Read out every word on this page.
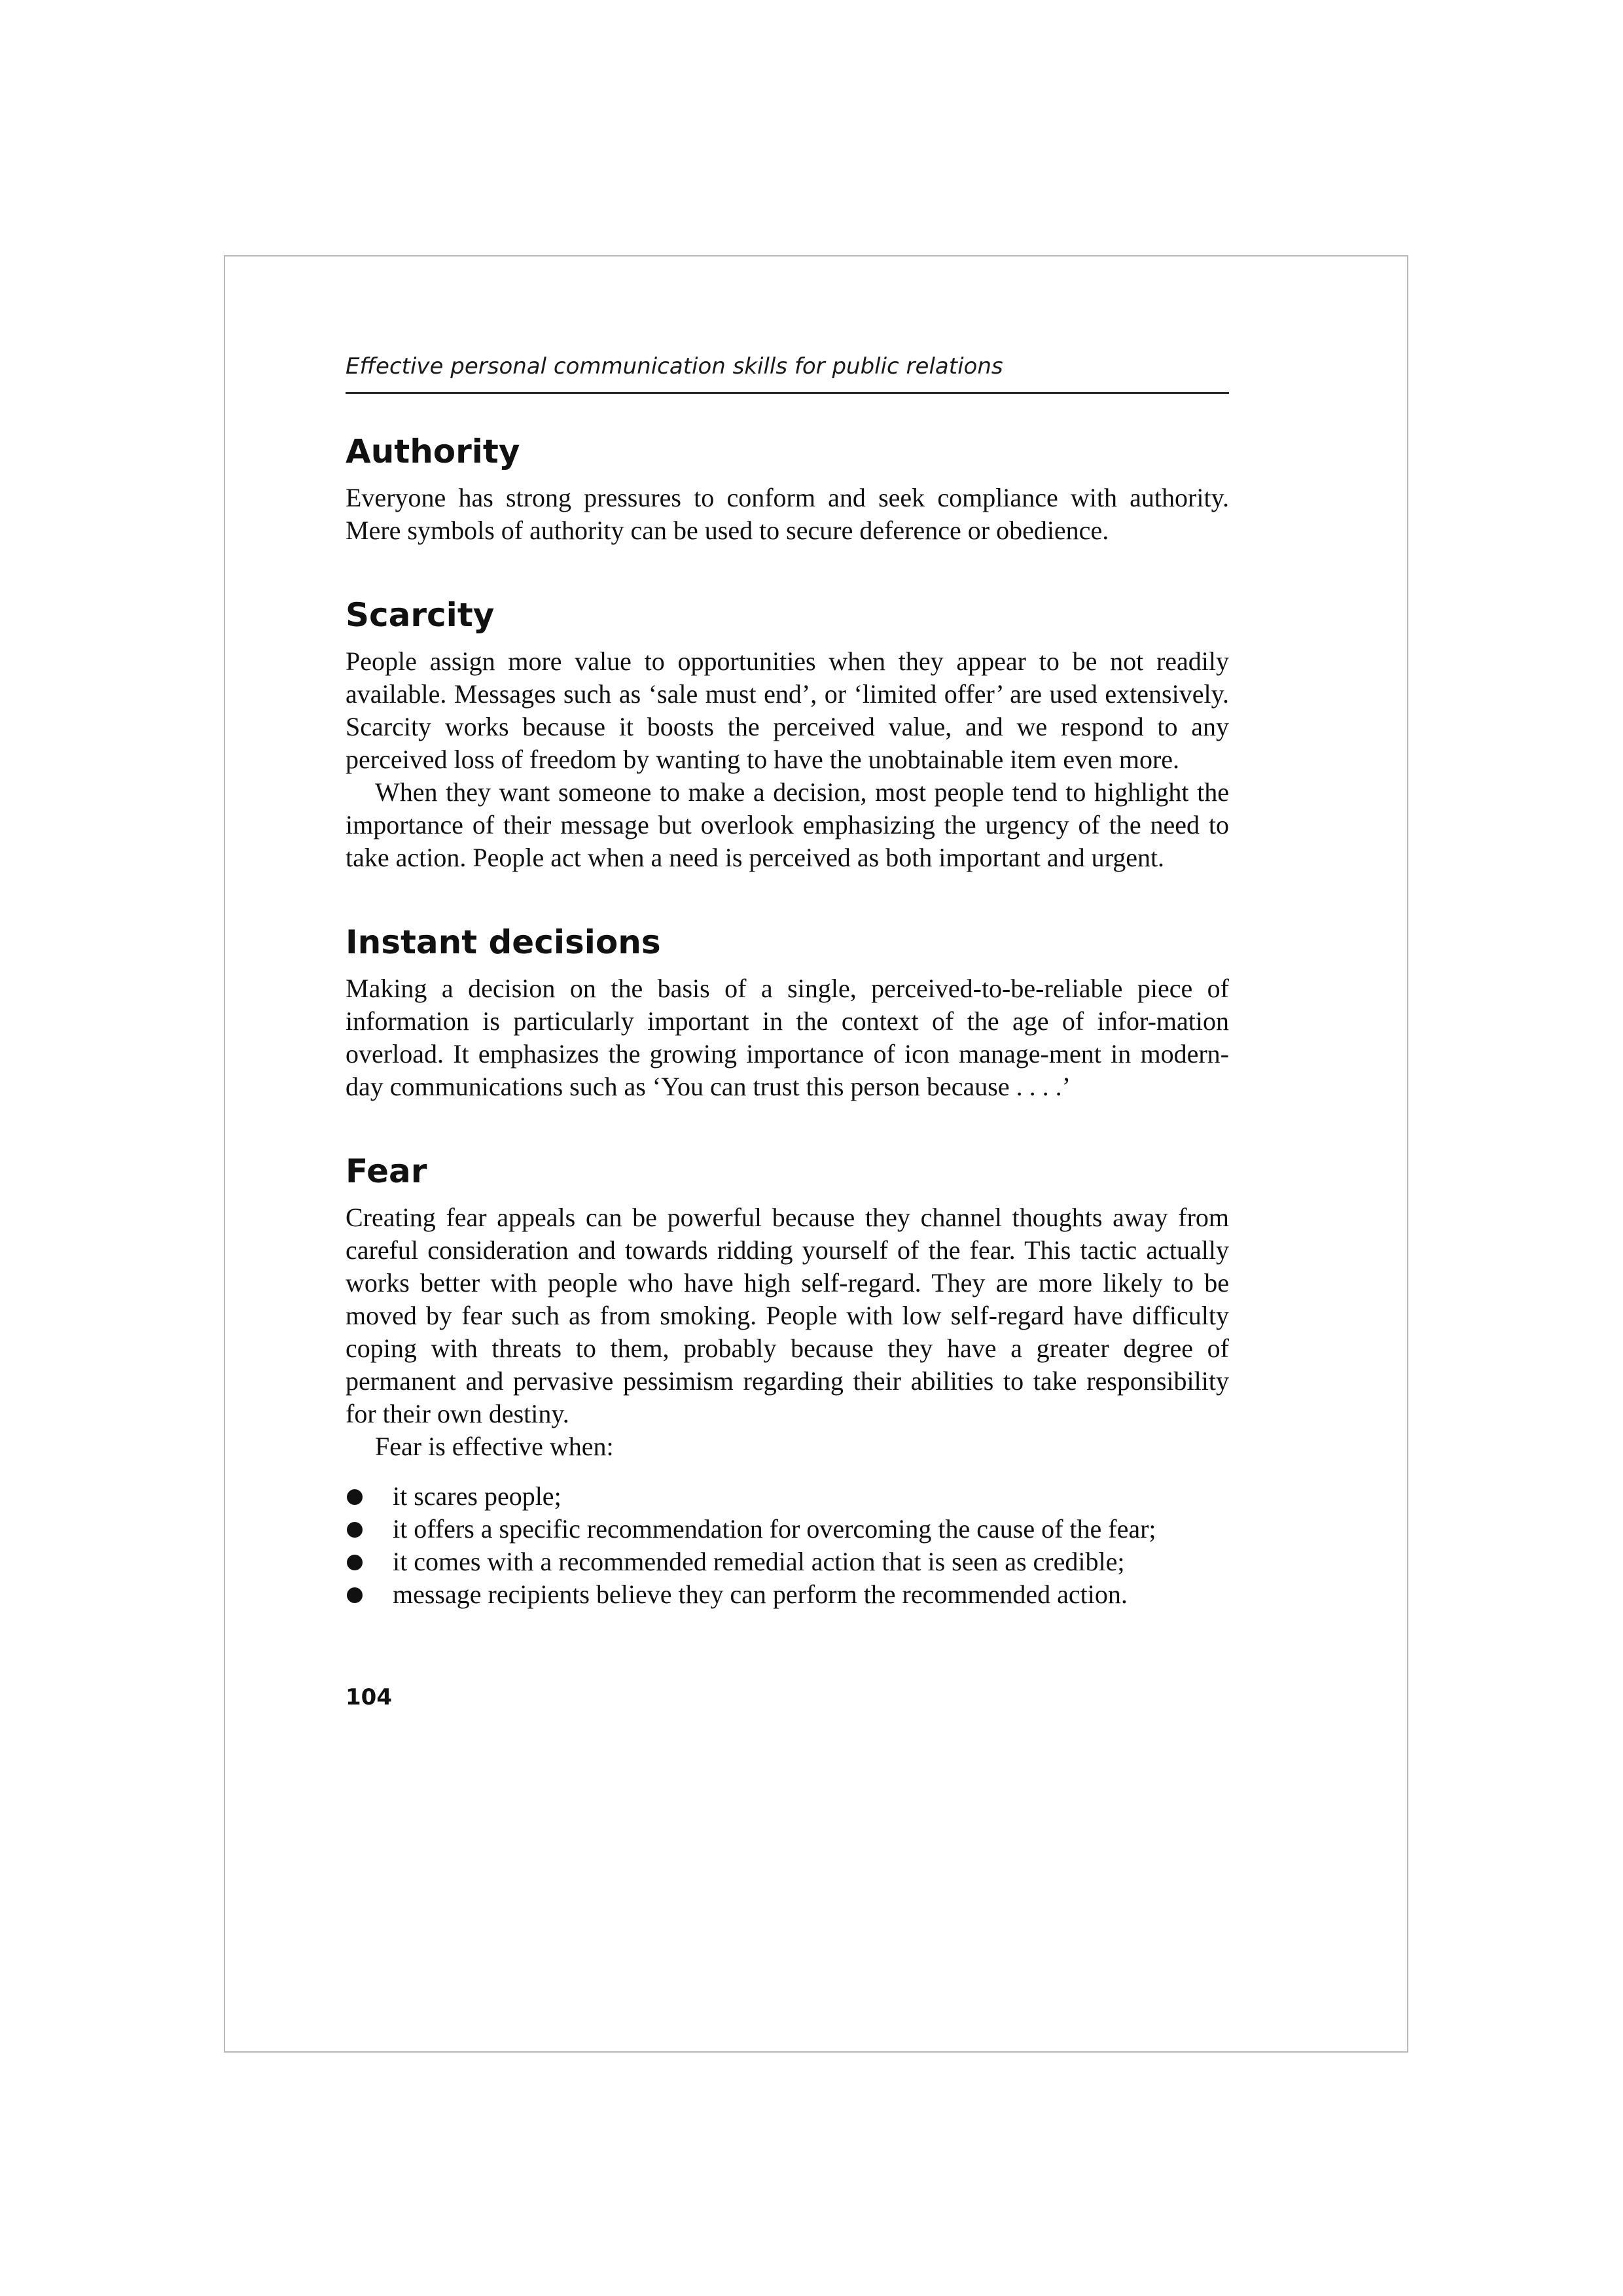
Effective personal communication skills for public relations
Authority

Everyone has strong pressures to conform and seek compliance with authority. Mere symbols of authority can be used to secure deference or obedience.

Scarcity

People assign more value to opportunities when they appear to be not readily available. Messages such as ‘sale must end’, or ‘limited offer’ are used extensively. Scarcity works because it boosts the perceived value, and we respond to any perceived loss of freedom by wanting to have the unobtainable item even more.

When they want someone to make a decision, most people tend to highlight the importance of their message but overlook emphasizing the urgency of the need to take action. People act when a need is perceived as both important and urgent.

Instant decisions

Making a decision on the basis of a single, perceived-to-be-reliable piece of information is particularly important in the context of the age of infor-mation overload. It emphasizes the growing importance of icon manage-ment in modern-day communications such as ‘You can trust this person because . . . .’

Fear

Creating fear appeals can be powerful because they channel thoughts away from careful consideration and towards ridding yourself of the fear. This tactic actually works better with people who have high self-regard. They are more likely to be moved by fear such as from smoking. People with low self-regard have difficulty coping with threats to them, probably because they have a greater degree of permanent and pervasive pessimism regarding their abilities to take responsibility for their own destiny.

Fear is effective when:

it scares people;
it offers a specific recommendation for overcoming the cause of the fear;
it comes with a recommended remedial action that is seen as credible;
message recipients believe they can perform the recommended action.
104
